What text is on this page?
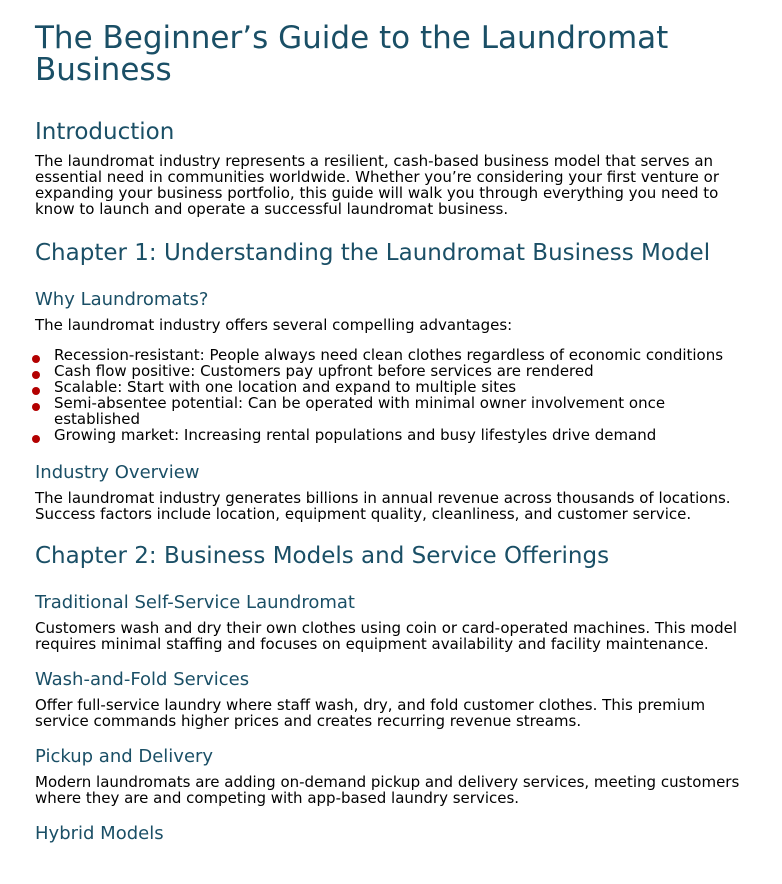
The Beginner’s Guide to the Laundromat Business
Introduction

The laundromat industry represents a resilient, cash-based business model that serves an essential need in communities worldwide. Whether you’re considering your first venture or expanding your business portfolio, this guide will walk you through everything you need to know to launch and operate a successful laundromat business.

Chapter 1: Understanding the Laundromat Business Model
Why Laundromats?

The laundromat industry offers several compelling advantages:

Recession-resistant: People always need clean clothes regardless of economic conditions
Cash flow positive: Customers pay upfront before services are rendered
Scalable: Start with one location and expand to multiple sites
Semi-absentee potential: Can be operated with minimal owner involvement once established
Growing market: Increasing rental populations and busy lifestyles drive demand
Industry Overview

The laundromat industry generates billions in annual revenue across thousands of locations. Success factors include location, equipment quality, cleanliness, and customer service.

Chapter 2: Business Models and Service Offerings
Traditional Self-Service Laundromat

Customers wash and dry their own clothes using coin or card-operated machines. This model requires minimal staffing and focuses on equipment availability and facility maintenance.

Wash-and-Fold Services

Offer full-service laundry where staff wash, dry, and fold customer clothes. This premium service commands higher prices and creates recurring revenue streams.

Pickup and Delivery

Modern laundromats are adding on-demand pickup and delivery services, meeting customers where they are and competing with app-based laundry services.

Hybrid Models
